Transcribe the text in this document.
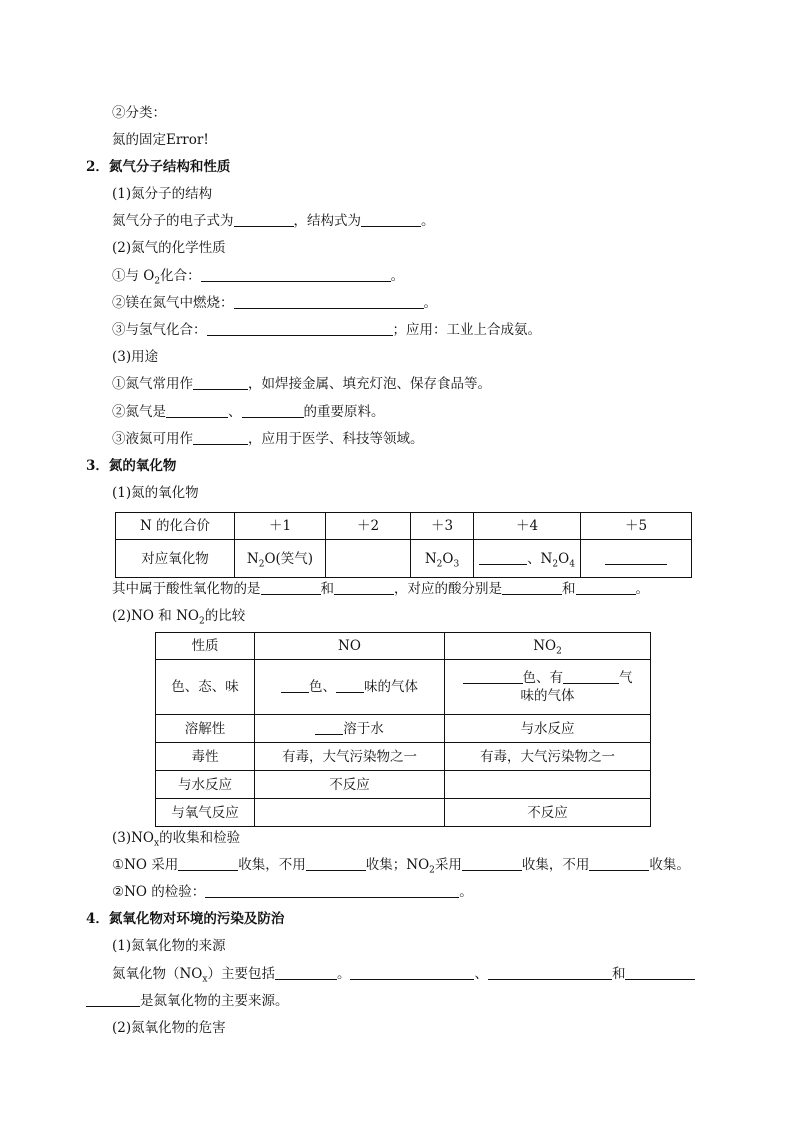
②分类：
氮的固定Error!
2．氮气分子结构和性质
(1)氮分子的结构
氮气分子的电子式为	，结构式为	。
(2)氮气的化学性质
①与 $O_2$化合：	。
②镁在氮气中燃烧：	。
③与氢气化合：	；应用：工业上合成氨。
(3)用途
①氮气常用作	，如焊接金属、填充灯泡、保存食品等。
②氮气是	、	的重要原料。
③液氮可用作	，应用于医学、科技等领域。
3．氮的氧化物
(1)氮的氧化物
N 的化合价	＋1	＋2	＋3	＋4	＋5
对应氧化物	$N_2O$(笑气)		$N_2O_3$	、$N_2O_4$	
其中属于酸性氧化物的是	和	，对应的酸分别是	和	。
(2)NO 和 $NO_2$的比较
性质	NO	$NO_2$
色、态、味	色、 味的气体	色、有 气
味的气体
溶解性	溶于水	与水反应
毒性	有毒，大气污染物之一	有毒，大气污染物之一
与水反应	不反应	
与氧气反应		不反应
$(3)NO_x$的收集和检验
①NO 采用	收集，不用	收集；$NO_2$采用	收集，不用	收集。
②NO 的检验：	。
4．氮氧化物对环境的污染及防治
(1)氮氧化物的来源
氮氧化物$(NO_x)$主要包括	。	、	和
是氮氧化物的主要来源。
(2)氮氧化物的危害
